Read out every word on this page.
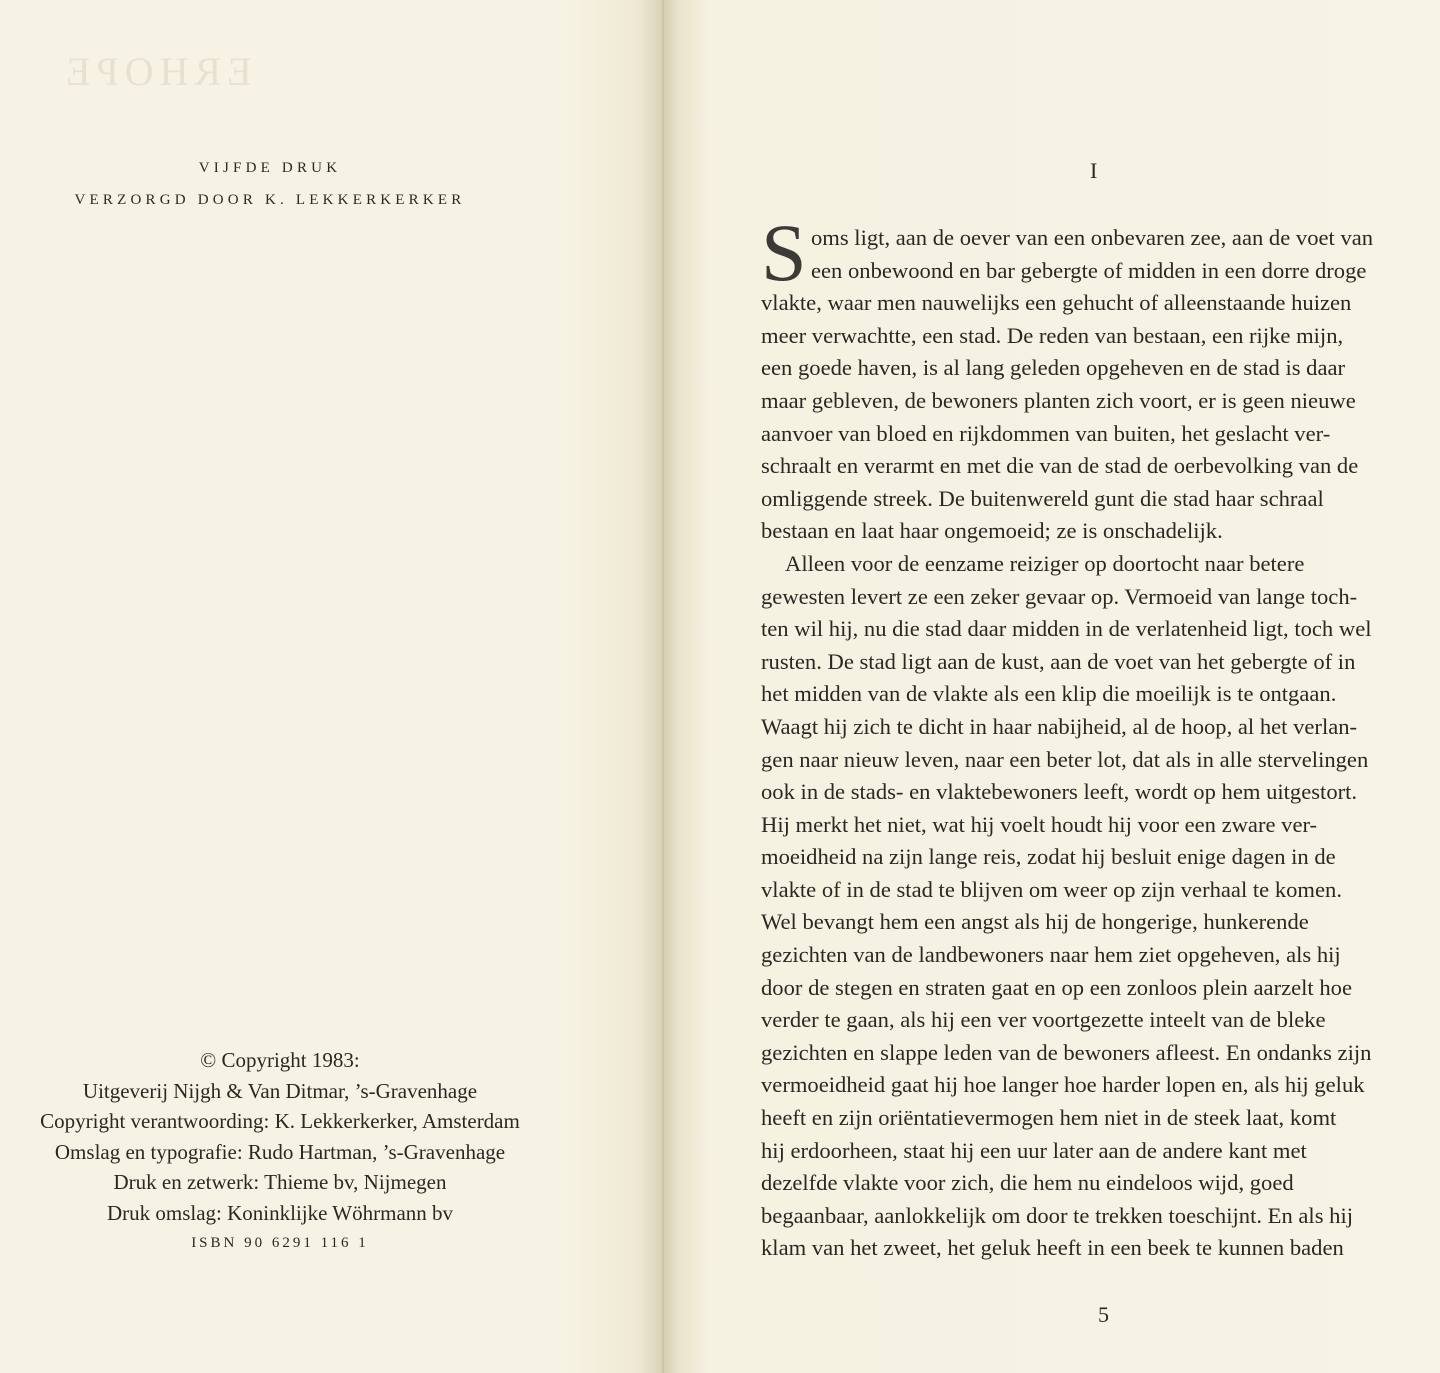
ERHOPE
VIJFDE DRUK
VERZORGD DOOR K. LEKKERKERKER
© Copyright 1983:
Uitgeverij Nijgh & Van Ditmar, ’s-Gravenhage
Copyright verantwoording: K. Lekkerkerker, Amsterdam
Omslag en typografie: Rudo Hartman, ’s-Gravenhage
Druk en zetwerk: Thieme bv, Nijmegen
Druk omslag: Koninklijke Wöhrmann bv
ISBN 90 6291 116 1
I
S oms ligt, aan de oever van een onbevaren zee, aan de voet van
een onbewoond en bar gebergte of midden in een dorre droge
vlakte, waar men nauwelijks een gehucht of alleenstaande huizen
meer verwachtte, een stad. De reden van bestaan, een rijke mijn,
een goede haven, is al lang geleden opgeheven en de stad is daar
maar gebleven, de bewoners planten zich voort, er is geen nieuwe
aanvoer van bloed en rijkdommen van buiten, het geslacht ver-
schraalt en verarmt en met die van de stad de oerbevolking van de
omliggende streek. De buitenwereld gunt die stad haar schraal
bestaan en laat haar ongemoeid; ze is onschadelijk.
Alleen voor de eenzame reiziger op doortocht naar betere
gewesten levert ze een zeker gevaar op. Vermoeid van lange toch-
ten wil hij, nu die stad daar midden in de verlatenheid ligt, toch wel
rusten. De stad ligt aan de kust, aan de voet van het gebergte of in
het midden van de vlakte als een klip die moeilijk is te ontgaan.
Waagt hij zich te dicht in haar nabijheid, al de hoop, al het verlan-
gen naar nieuw leven, naar een beter lot, dat als in alle stervelingen
ook in de stads- en vlaktebewoners leeft, wordt op hem uitgestort.
Hij merkt het niet, wat hij voelt houdt hij voor een zware ver-
moeidheid na zijn lange reis, zodat hij besluit enige dagen in de
vlakte of in de stad te blijven om weer op zijn verhaal te komen.
Wel bevangt hem een angst als hij de hongerige, hunkerende
gezichten van de landbewoners naar hem ziet opgeheven, als hij
door de stegen en straten gaat en op een zonloos plein aarzelt hoe
verder te gaan, als hij een ver voortgezette inteelt van de bleke
gezichten en slappe leden van de bewoners afleest. En ondanks zijn
vermoeidheid gaat hij hoe langer hoe harder lopen en, als hij geluk
heeft en zijn oriëntatievermogen hem niet in de steek laat, komt
hij erdoorheen, staat hij een uur later aan de andere kant met
dezelfde vlakte voor zich, die hem nu eindeloos wijd, goed
begaanbaar, aanlokkelijk om door te trekken toeschijnt. En als hij
klam van het zweet, het geluk heeft in een beek te kunnen baden
5
